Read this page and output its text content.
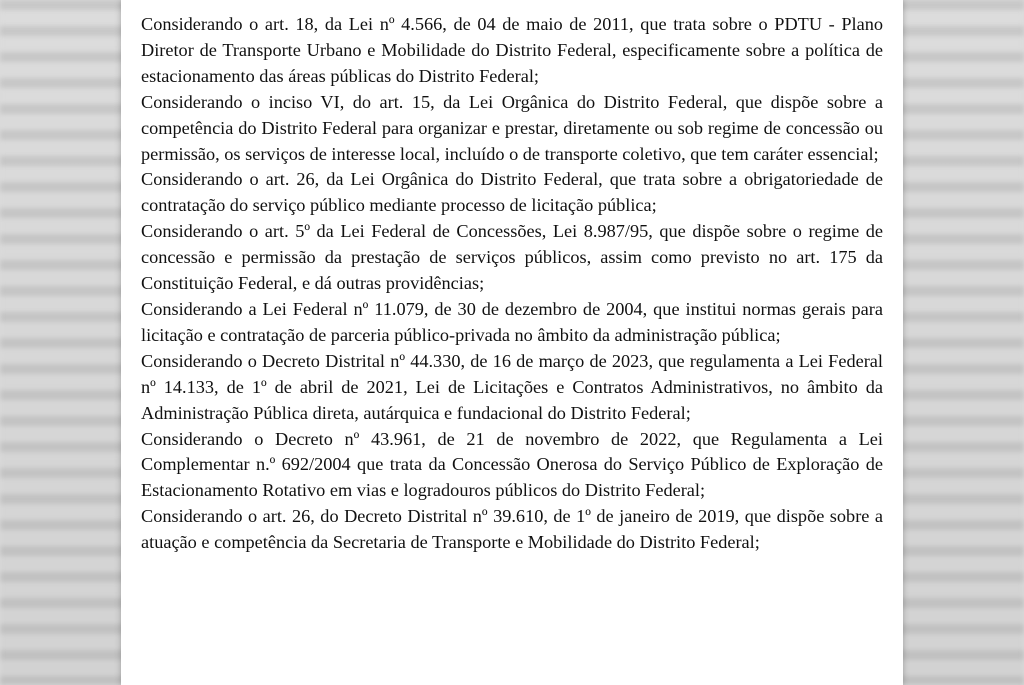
Considerando o art. 18, da Lei nº 4.566, de 04 de maio de 2011, que trata sobre o PDTU - Plano Diretor de Transporte Urbano e Mobilidade do Distrito Federal, especificamente sobre a política de estacionamento das áreas públicas do Distrito Federal;

Considerando o inciso VI, do art. 15, da Lei Orgânica do Distrito Federal, que dispõe sobre a competência do Distrito Federal para organizar e prestar, diretamente ou sob regime de concessão ou permissão, os serviços de interesse local, incluído o de transporte coletivo, que tem caráter essencial;

Considerando o art. 26, da Lei Orgânica do Distrito Federal, que trata sobre a obrigatoriedade de contratação do serviço público mediante processo de licitação pública;

Considerando o art. 5º da Lei Federal de Concessões, Lei 8.987/95, que dispõe sobre o regime de concessão e permissão da prestação de serviços públicos, assim como previsto no art. 175 da Constituição Federal, e dá outras providências;

Considerando a Lei Federal nº 11.079, de 30 de dezembro de 2004, que institui normas gerais para licitação e contratação de parceria público-privada no âmbito da administração pública;

Considerando o Decreto Distrital nº 44.330, de 16 de março de 2023, que regulamenta a Lei Federal nº 14.133, de 1º de abril de 2021, Lei de Licitações e Contratos Administrativos, no âmbito da Administração Pública direta, autárquica e fundacional do Distrito Federal;

Considerando o Decreto nº 43.961, de 21 de novembro de 2022, que Regulamenta a Lei Complementar n.º 692/2004 que trata da Concessão Onerosa do Serviço Público de Exploração de Estacionamento Rotativo em vias e logradouros públicos do Distrito Federal;

Considerando o art. 26, do Decreto Distrital nº 39.610, de 1º de janeiro de 2019, que dispõe sobre a atuação e competência da Secretaria de Transporte e Mobilidade do Distrito Federal;
